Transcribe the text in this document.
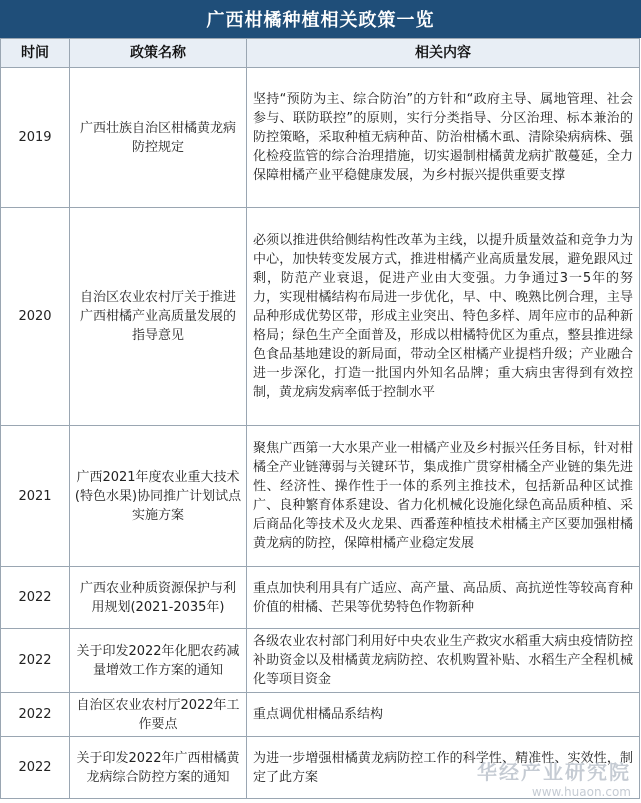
广西柑橘种植相关政策一览
时间	政策名称	相关内容
2019	广西壮族自治区柑橘黄龙病防控规定	坚持“预防为主、综合防治”的方针和“政府主导、属地管理、社会参与、联防联控”的原则，实行分类指导、分区治理、标本兼治的防控策略，采取种植无病种苗、防治柑橘木虱、清除染病病株、强化检疫监管的综合治理措施，切实遏制柑橘黄龙病扩散蔓延，全力保障柑橘产业平稳健康发展，为乡村振兴提供重要支撑
2020	自治区农业农村厅关于推进广西柑橘产业高质量发展的指导意见	必须以推进供给侧结构性改革为主线，以提升质量效益和竞争力为中心，加快转变发展方式，推进柑橘产业高质量发展，避免跟风过剩，防范产业衰退，促进产业由大变强。力争通过3一5年的努力，实现柑橘结构布局进一步优化，早、中、晚熟比例合理，主导品种形成优势区带，形成主业突出、特色多样、周年应市的品种新格局；绿色生产全面普及，形成以柑橘特优区为重点，整县推进绿色食品基地建设的新局面，带动全区柑橘产业提档升级；产业融合进一步深化，打造一批国内外知名品牌；重大病虫害得到有效控制，黄龙病发病率低于控制水平
2021	广西2021年度农业重大技术(特色水果)协同推广计划试点实施方案	聚焦广西第一大水果产业一柑橘产业及乡村振兴任务目标，针对柑橘全产业链薄弱与关键环节，集成推广贯穿柑橘全产业链的集先进性、经济性、操作性于一体的系列主推技术，包括新品种区试推广、良种繁育体系建设、省力化机械化设施化绿色高品质种植、采后商品化等技术及火龙果、西番莲种植技术柑橘主产区要加强柑橘黄龙病的防控，保障柑橘产业稳定发展
2022	广西农业种质资源保护与利用规划(2021-2035年)	重点加快利用具有广适应、高产量、高品质、高抗逆性等较高育种价值的柑橘、芒果等优势特色作物新种
2022	关于印发2022年化肥农药减量增效工作方案的通知	各级农业农村部门利用好中央农业生产救灾水稻重大病虫疫情防控补助资金以及柑橘黄龙病防控、农机购置补贴、水稻生产全程机械化等项目资金
2022	自治区农业农村厅2022年工作要点	重点调优柑橘品系结构
2022	关于印发2022年广西柑橘黄龙病综合防控方案的通知	为进一步增强柑橘黄龙病防控工作的科学性、精准性、实效性，制定了此方案	华经产业研究院
www.huaon.com
